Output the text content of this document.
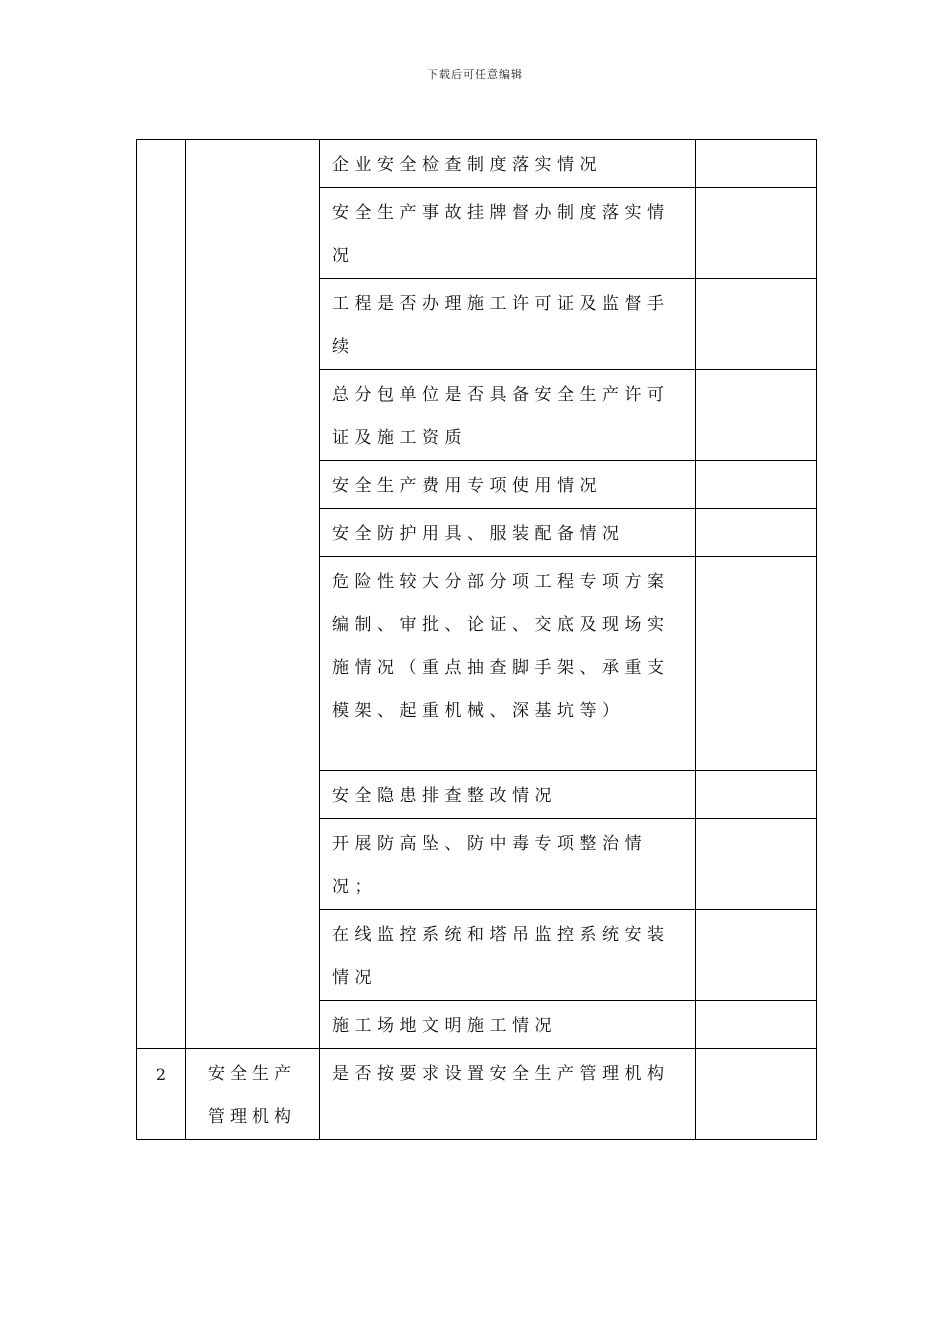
下载后可任意编辑

		企业安全检查制度落实情况	

		安全生产事故挂牌督办制度落实情况	

		工程是否办理施工许可证及监督手续	

		总分包单位是否具备安全生产许可证及施工资质	

		安全生产费用专项使用情况	

		安全防护用具、服装配备情况	

		危险性较大分部分项工程专项方案编制、审批、论证、交底及现场实施情况（重点抽查脚手架、承重支模架、起重机械、深基坑等）	

		安全隐患排查整改情况	

		开展防高坠、防中毒专项整治情况；	

		在线监控系统和塔吊监控系统安装情况	

		施工场地文明施工情况	

2	安全生产管理机构	是否按要求设置安全生产管理机构	
